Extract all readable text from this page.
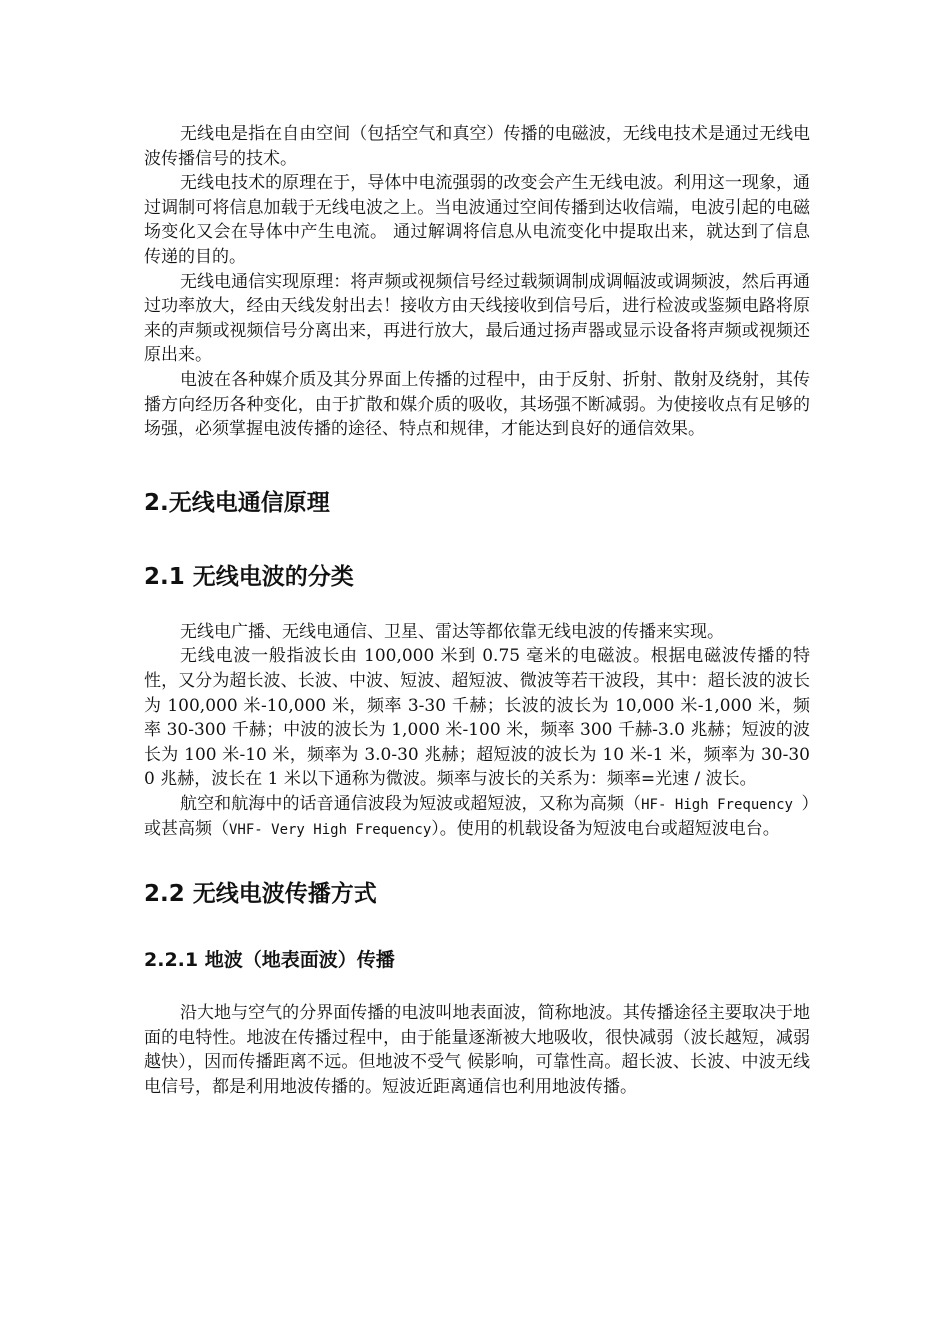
无线电是指在自由空间（包括空气和真空）传播的电磁波，无线电技术是通过无线电波传播信号的技术。

无线电技术的原理在于，导体中电流强弱的改变会产生无线电波。利用这一现象，通过调制可将信息加载于无线电波之上。当电波通过空间传播到达收信端，电波引起的电磁场变化又会在导体中产生电流。 通过解调将信息从电流变化中提取出来，就达到了信息传递的目的。

无线电通信实现原理：将声频或视频信号经过载频调制成调幅波或调频波，然后再通过功率放大，经由天线发射出去！接收方由天线接收到信号后，进行检波或鉴频电路将原来的声频或视频信号分离出来，再进行放大，最后通过扬声器或显示设备将声频或视频还原出来。

电波在各种媒介质及其分界面上传播的过程中，由于反射、折射、散射及绕射，其传播方向经历各种变化，由于扩散和媒介质的吸收，其场强不断减弱。为使接收点有足够的场强，必须掌握电波传播的途径、特点和规律，才能达到良好的通信效果。

2.无线电通信原理
2.1 无线电波的分类

无线电广播、无线电通信、卫星、雷达等都依靠无线电波的传播来实现。

无线电波一般指波长由 100,000 米到 0.75 毫米的电磁波。根据电磁波传播的特性，又分为超长波、长波、中波、短波、超短波、微波等若干波段，其中：超长波的波长为 100,000 米-10,000 米，频率 3-30 千赫；长波的波长为 10,000 米-1,000 米，频率 30-300 千赫；中波的波长为 1,000 米-100 米，频率 300 千赫-3.0 兆赫；短波的波长为 100 米-10 米，频率为 3.0-30 兆赫；超短波的波长为 10 米-1 米，频率为 30-300 兆赫，波长在 1 米以下通称为微波。频率与波长的关系为：频率=光速 / 波长。

航空和航海中的话音通信波段为短波或超短波，又称为高频（HF- High Frequency ）或甚高频（VHF- Very High Frequency）。使用的机载设备为短波电台或超短波电台。

2.2 无线电波传播方式
2.2.1 地波（地表面波）传播

沿大地与空气的分界面传播的电波叫地表面波，简称地波。其传播途径主要取决于地面的电特性。地波在传播过程中，由于能量逐渐被大地吸收，很快减弱（波长越短，减弱越快），因而传播距离不远。但地波不受气 候影响，可靠性高。超长波、长波、中波无线电信号，都是利用地波传播的。短波近距离通信也利用地波传播。
